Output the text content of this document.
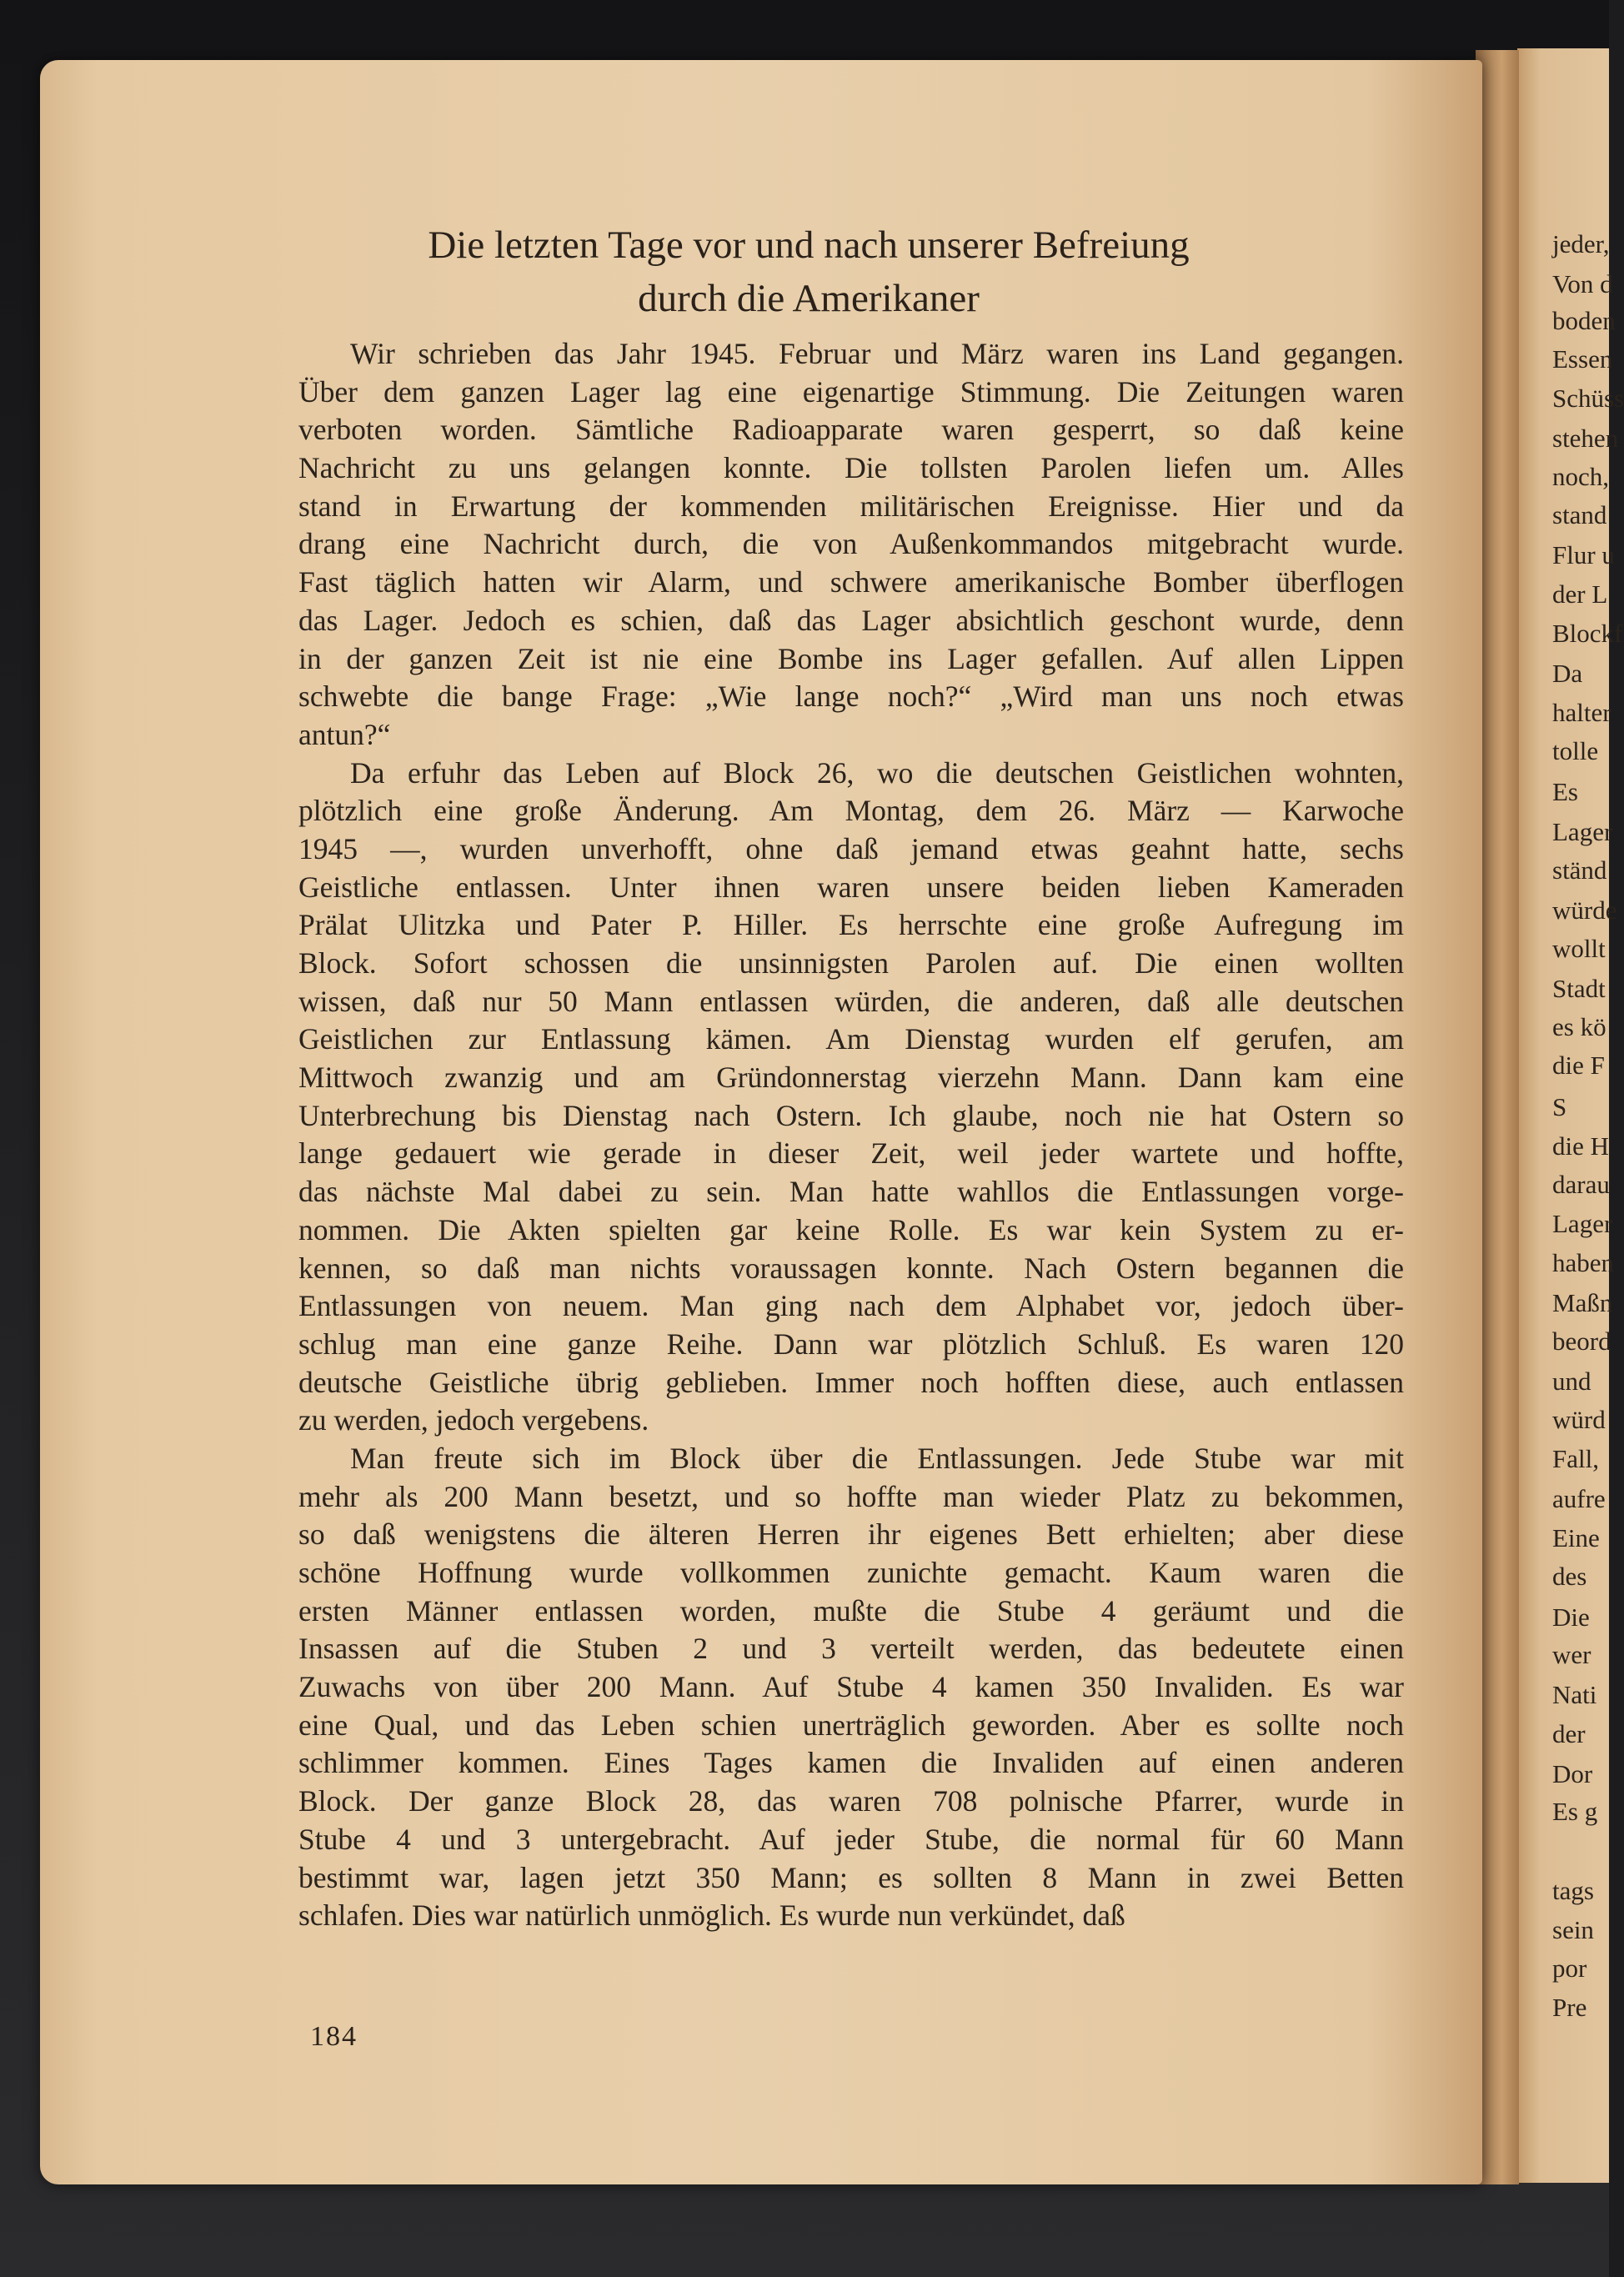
Die letzten Tage vor und nach unserer Befreiung
durch die Amerikaner
Wir schrieben das Jahr 1945. Februar und März waren ins Land gegangen.
Über dem ganzen Lager lag eine eigenartige Stimmung. Die Zeitungen waren
verboten worden. Sämtliche Radioapparate waren gesperrt, so daß keine
Nachricht zu uns gelangen konnte. Die tollsten Parolen liefen um. Alles
stand in Erwartung der kommenden militärischen Ereignisse. Hier und da
drang eine Nachricht durch, die von Außenkommandos mitgebracht wurde.
Fast täglich hatten wir Alarm, und schwere amerikanische Bomber überflogen
das Lager. Jedoch es schien, daß das Lager absichtlich geschont wurde, denn
in der ganzen Zeit ist nie eine Bombe ins Lager gefallen. Auf allen Lippen
schwebte die bange Frage: „Wie lange noch?“ „Wird man uns noch etwas
antun?“
Da erfuhr das Leben auf Block 26, wo die deutschen Geistlichen wohnten,
plötzlich eine große Änderung. Am Montag, dem 26. März — Karwoche
1945 —, wurden unverhofft, ohne daß jemand etwas geahnt hatte, sechs
Geistliche entlassen. Unter ihnen waren unsere beiden lieben Kameraden
Prälat Ulitzka und Pater P. Hiller. Es herrschte eine große Aufregung im
Block. Sofort schossen die unsinnigsten Parolen auf. Die einen wollten
wissen, daß nur 50 Mann entlassen würden, die anderen, daß alle deutschen
Geistlichen zur Entlassung kämen. Am Dienstag wurden elf gerufen, am
Mittwoch zwanzig und am Gründonnerstag vierzehn Mann. Dann kam eine
Unterbrechung bis Dienstag nach Ostern. Ich glaube, noch nie hat Ostern so
lange gedauert wie gerade in dieser Zeit, weil jeder wartete und hoffte,
das nächste Mal dabei zu sein. Man hatte wahllos die Entlassungen vorge-
nommen. Die Akten spielten gar keine Rolle. Es war kein System zu er-
kennen, so daß man nichts voraussagen konnte. Nach Ostern begannen die
Entlassungen von neuem. Man ging nach dem Alphabet vor, jedoch über-
schlug man eine ganze Reihe. Dann war plötzlich Schluß. Es waren 120
deutsche Geistliche übrig geblieben. Immer noch hofften diese, auch entlassen
zu werden, jedoch vergebens.
Man freute sich im Block über die Entlassungen. Jede Stube war mit
mehr als 200 Mann besetzt, und so hoffte man wieder Platz zu bekommen,
so daß wenigstens die älteren Herren ihr eigenes Bett erhielten; aber diese
schöne Hoffnung wurde vollkommen zunichte gemacht. Kaum waren die
ersten Männer entlassen worden, mußte die Stube 4 geräumt und die
Insassen auf die Stuben 2 und 3 verteilt werden, das bedeutete einen
Zuwachs von über 200 Mann. Auf Stube 4 kamen 350 Invaliden. Es war
eine Qual, und das Leben schien unerträglich geworden. Aber es sollte noch
schlimmer kommen. Eines Tages kamen die Invaliden auf einen anderen
Block. Der ganze Block 28, das waren 708 polnische Pfarrer, wurde in
Stube 4 und 3 untergebracht. Auf jeder Stube, die normal für 60 Mann
bestimmt war, lagen jetzt 350 Mann; es sollten 8 Mann in zwei Betten
schlafen. Dies war natürlich unmöglich. Es wurde nun verkündet, daß
184
jeder,
Von d
boden
Essen
Schüss
stehen
noch,
stand
Flur u
der L
Blockf
Da
halter
tolle
Es
Lager
ständ
würde
wollt
Stadt
es kö
die F
S
die H
darau
Lager
haben
Maßn
beord
und
würd
Fall,
aufre
Eine
des
Die
wer
Nati
der
Dor
Es g
tags
sein
por
Pre
